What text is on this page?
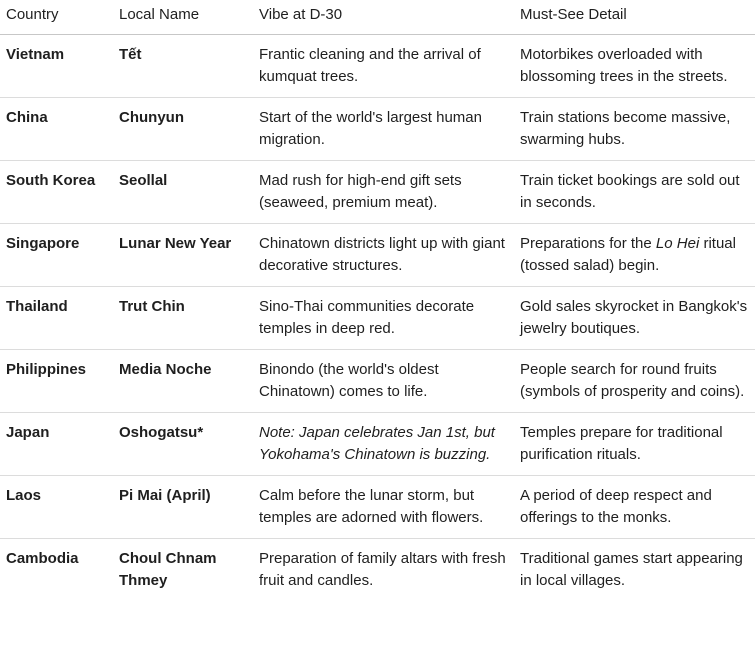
Country	Local Name	Vibe at D-30	Must-See Detail
Vietnam	Tết	Frantic cleaning and the arrival of kumquat trees.	Motorbikes overloaded with blossoming trees in the streets.
China	Chunyun	Start of the world's largest human migration.	Train stations become massive, swarming hubs.
South Korea	Seollal	Mad rush for high-end gift sets (seaweed, premium meat).	Train ticket bookings are sold out in seconds.
Singapore	Lunar New Year	Chinatown districts light up with giant decorative structures.	Preparations for the Lo Hei ritual (tossed salad) begin.
Thailand	Trut Chin	Sino-Thai communities decorate temples in deep red.	Gold sales skyrocket in Bangkok's jewelry boutiques.
Philippines	Media Noche	Binondo (the world's oldest Chinatown) comes to life.	People search for round fruits (symbols of prosperity and coins).
Japan	Oshogatsu*	Note: Japan celebrates Jan 1st, but Yokohama's Chinatown is buzzing.	Temples prepare for traditional purification rituals.
Laos	Pi Mai (April)	Calm before the lunar storm, but temples are adorned with flowers.	A period of deep respect and offerings to the monks.
Cambodia	Choul Chnam Thmey	Preparation of family altars with fresh fruit and candles.	Traditional games start appearing in local villages.
